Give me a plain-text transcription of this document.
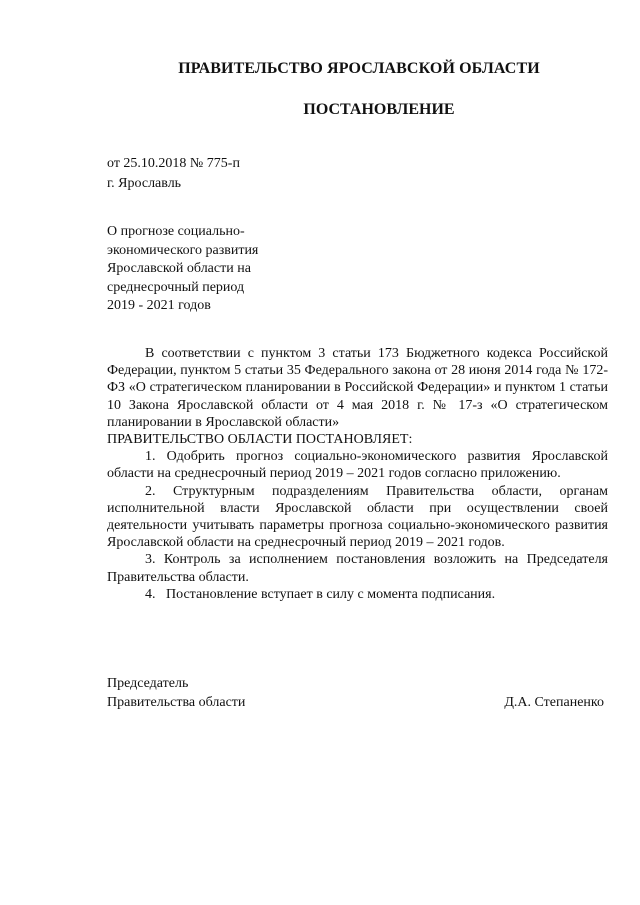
ПРАВИТЕЛЬСТВО ЯРОСЛАВСКОЙ ОБЛАСТИ
ПОСТАНОВЛЕНИЕ
от 25.10.2018 № 775-п
г. Ярославль
О прогнозе социально-
экономического развития
Ярославской области на
среднесрочный период
2019 - 2021 годов

В соответствии с пунктом 3 статьи 173 Бюджетного кодекса Российской Федерации, пунктом 5 статьи 35 Федерального закона от 28 июня 2014 года № 172-ФЗ «О стратегическом планировании в Российской Федерации» и пунктом 1 статьи 10 Закона Ярославской области от 4 мая 2018 г. № 17-з «О стратегическом планировании в Ярославской области»

ПРАВИТЕЛЬСТВО ОБЛАСТИ ПОСТАНОВЛЯЕТ:

1. Одобрить прогноз социально-экономического развития Ярославской области на среднесрочный период 2019 – 2021 годов согласно приложению.

2. Структурным подразделениям Правительства области, органам исполнительной власти Ярославской области при осуществлении своей деятельности учитывать параметры прогноза социально-экономического развития Ярославской области на среднесрочный период 2019 – 2021 годов.

3. Контроль за исполнением постановления возложить на Председателя Правительства области.

4.   Постановление вступает в силу с момента подписания.

Председатель
Правительства области	Д.А. Степаненко
